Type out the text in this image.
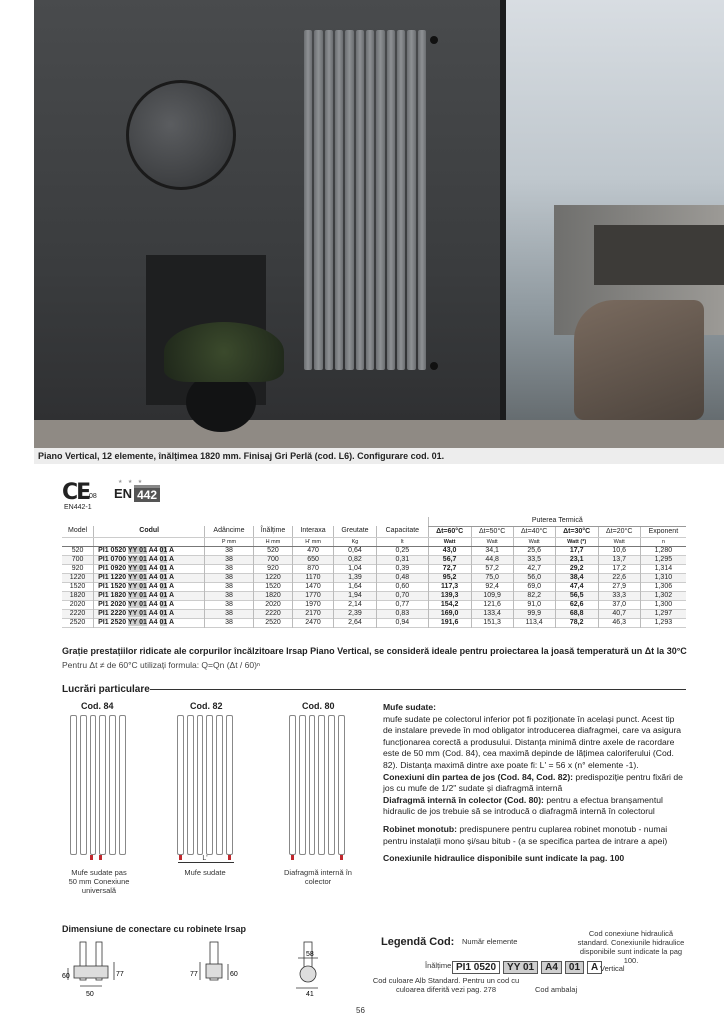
Piano Vertical, 12 elemente, înălțimea 1820 mm. Finisaj Gri Perlă (cod. L6). Configurare cod. 01.
CE 08
EN442-1
★ ★ ★
EN 442
							Puterea Termică					
Model	Codul	Adâncime	Înălțime	Interaxa	Greutate	Capacitate	Δt=60°C	Δt=50°C	Δt=40°C	Δt=30°C	Δt=20°C	Exponent
		P mm	H mm	H' mm	Kg	lt	Watt	Watt	Watt	Watt (*)	Watt	n
520	PI1 0520 YY 01 A4 01 A	38	520	470	0,64	0,25	43,0	34,1	25,6	17,7	10,6	1,280
700	PI1 0700 YY 01 A4 01 A	38	700	650	0,82	0,31	56,7	44,8	33,5	23,1	13,7	1,295
920	PI1 0920 YY 01 A4 01 A	38	920	870	1,04	0,39	72,7	57,2	42,7	29,2	17,2	1,314
1220	PI1 1220 YY 01 A4 01 A	38	1220	1170	1,39	0,48	95,2	75,0	56,0	38,4	22,6	1,310
1520	PI1 1520 YY 01 A4 01 A	38	1520	1470	1,64	0,60	117,3	92,4	69,0	47,4	27,9	1,306
1820	PI1 1820 YY 01 A4 01 A	38	1820	1770	1,94	0,70	139,3	109,9	82,2	56,5	33,3	1,302
2020	PI1 2020 YY 01 A4 01 A	38	2020	1970	2,14	0,77	154,2	121,6	91,0	62,6	37,0	1,300
2220	PI1 2220 YY 01 A4 01 A	38	2220	2170	2,39	0,83	169,0	133,4	99,9	68,8	40,7	1,297
2520	PI1 2520 YY 01 A4 01 A	38	2520	2470	2,64	0,94	191,6	151,3	113,4	78,2	46,3	1,293
Grație prestațiilor ridicate ale corpurilor încălzitoare Irsap Piano Vertical, se consideră ideale pentru proiectarea la joasă temperatură un Δt la 30°C
Pentru Δt ≠ de 60°C utilizați formula: Q=Qn (Δt / 60)ⁿ
Lucrări particulare
Cod. 84	Cod. 82	Cod. 80
L'
Mufe sudate pas 50 mm Conexiune universală
Mufe sudate	Diafragmă internă în colector

Mufe sudate:
mufe sudate pe colectorul inferior pot fi poziționate în același punct. Acest tip de instalare prevede în mod obligator introducerea diafragmei, care va asigura funcționarea corectă a produsului. Distanța minimă dintre axele de racordare este de 50 mm (Cod. 84), cea maximă depinde de lățimea caloriferului (Cod. 82). Distanța maximă dintre axe poate fi: L' = 56 x (n° elemente -1).
Conexiuni din partea de jos (Cod. 84, Cod. 82): predispoziție pentru fixări de jos cu mufe de 1/2" sudate și diafragmă internă
Diafragmă internă în colector (Cod. 80): pentru a efectua branșamentul hidraulic de jos trebuie să se introducă o diafragmă internă în colectorul

Robinet monotub: predispunere pentru cuplarea robinet monotub - numai pentru instalații mono și/sau bitub - (a se specifica partea de intrare a apei)

Conexiunile hidraulice disponibile sunt indicate la pag. 100

Dimensiune de conectare cu robinete Irsap
60
50
77	77	60
58
41
Legendă Cod: Număr elemente
Cod conexiune hidraulică standard. Conexiunile hidraulice disponibile sunt indicate la pag 100.
Înălțime PI1 0520	YY 01	A4	01	A Vertical
Cod culoare Alb Standard. Pentru un cod cu culoarea diferită vezi pag. 278	Cod ambalaj
56
